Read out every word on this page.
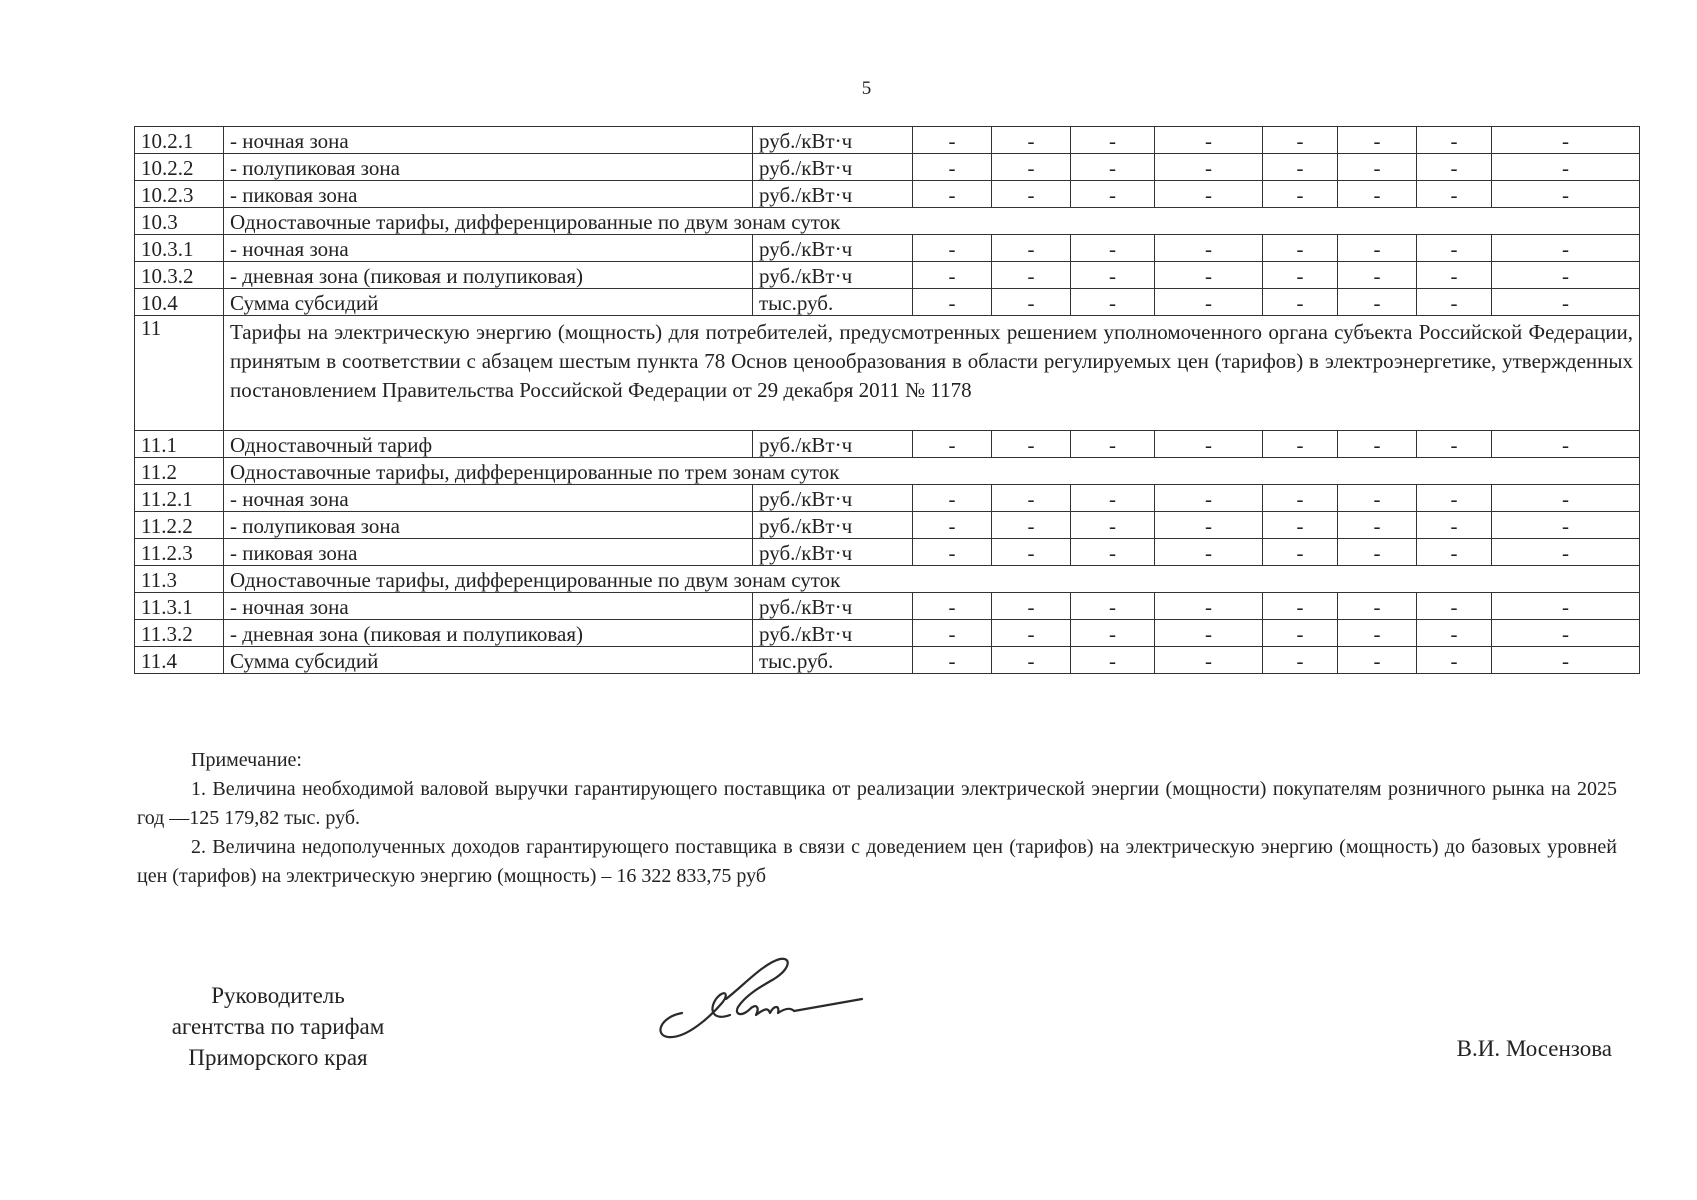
5
10.2.1	- ночная зона	руб./кВт·ч	-	-	-	-	-	-	-	-
10.2.2	- полупиковая зона	руб./кВт·ч	-	-	-	-	-	-	-	-
10.2.3	- пиковая зона	руб./кВт·ч	-	-	-	-	-	-	-	-
10.3	Одноставочные тарифы, дифференцированные по двум зонам суток									
10.3.1	- ночная зона	руб./кВт·ч	-	-	-	-	-	-	-	-
10.3.2	- дневная зона (пиковая и полупиковая)	руб./кВт·ч	-	-	-	-	-	-	-	-
10.4	Сумма субсидий	тыс.руб.	-	-	-	-	-	-	-	-
11	Тарифы на электрическую энергию (мощность) для потребителей, предусмотренных решением уполномоченного органа субъекта Российской Федерации, принятым в соответствии с абзацем шестым пункта 78 Основ ценообразования в области регулируемых цен (тарифов) в электроэнергетике, утвержденных постановлением Правительства Российской Федерации от 29 декабря 2011 № 1178									
11.1	Одноставочный тариф	руб./кВт·ч	-	-	-	-	-	-	-	-
11.2	Одноставочные тарифы, дифференцированные по трем зонам суток									
11.2.1	- ночная зона	руб./кВт·ч	-	-	-	-	-	-	-	-
11.2.2	- полупиковая зона	руб./кВт·ч	-	-	-	-	-	-	-	-
11.2.3	- пиковая зона	руб./кВт·ч	-	-	-	-	-	-	-	-
11.3	Одноставочные тарифы, дифференцированные по двум зонам суток									
11.3.1	- ночная зона	руб./кВт·ч	-	-	-	-	-	-	-	-
11.3.2	- дневная зона (пиковая и полупиковая)	руб./кВт·ч	-	-	-	-	-	-	-	-
11.4	Сумма субсидий	тыс.руб.	-	-	-	-	-	-	-	-

Примечание:

1. Величина необходимой валовой выручки гарантирующего поставщика от реализации электрической энергии (мощности) покупателям розничного рынка на 2025 год —125 179,82 тыс. руб.

2. Величина недополученных доходов гарантирующего поставщика в связи с доведением цен (тарифов) на электрическую энергию (мощность) до базовых уровней цен (тарифов) на электрическую энергию (мощность) – 16 322 833,75 руб

Руководитель
агентства по тарифам
Приморского края	В.И. Мосензова
